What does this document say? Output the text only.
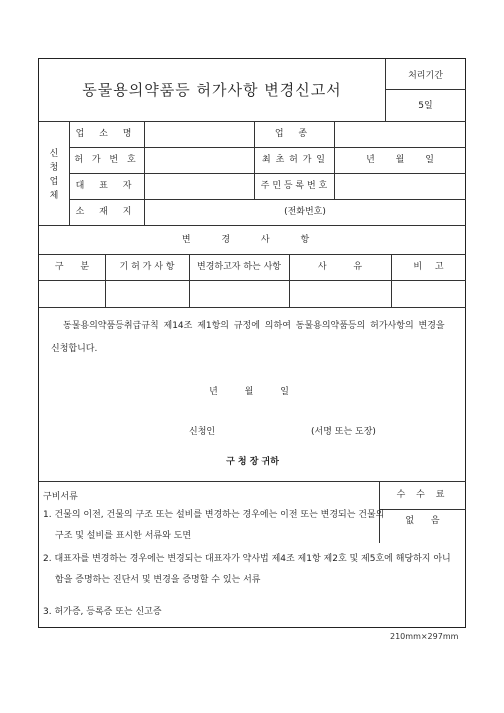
동물용의약품등 허가사항 변경신고서
처리기간
5일
신청업체
업 소 명	업 종
허 가 번 호	최 초 허 가 일	년 월 일
대 표 자	주 민 등 록 번 호
소 재 지	(전화번호)
변 경 사 항
구 분	기 허 가 사 항	변경하고자 하는 사항	사 유	비 고
동물용의약품등취급규칙 제14조 제1항의 규정에 의하여 동물용의약품등의 허가사항의 변경을 신청합니다.
년 월 일
신청인	(서명 또는 도장)
구 청 장 귀하
수 수 료
없 음
구비서류
1. 건물의 이전, 건물의 구조 또는 설비를 변경하는 경우에는 이전 또는 변경되는 건물의 구조 및 설비를 표시한 서류와 도면
2. 대표자를 변경하는 경우에는 변경되는 대표자가 약사법 제4조 제1항 제2호 및 제5호에 해당하지 아니함을 증명하는 진단서 및 변경을 증명할 수 있는 서류
3. 허가증, 등록증 또는 신고증
210mm×297mm
